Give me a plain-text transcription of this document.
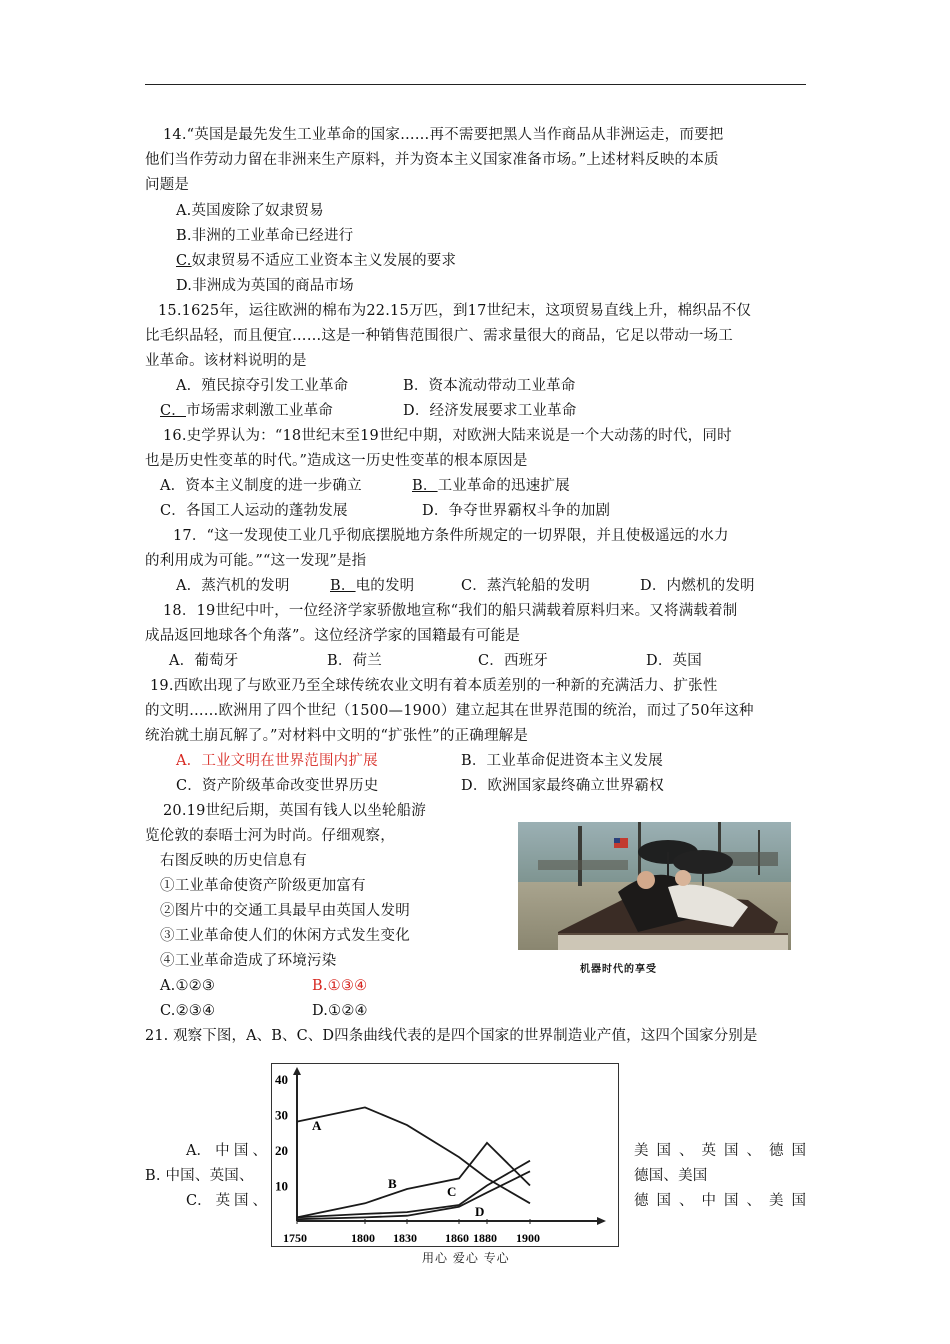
14.“英国是最先发生工业革命的国家……再不需要把黑人当作商品从非洲运走，而要把
他们当作劳动力留在非洲来生产原料，并为资本主义国家准备市场。”上述材料反映的本质
问题是
A.英国废除了奴隶贸易
B.非洲的工业革命已经进行
C.奴隶贸易不适应工业资本主义发展的要求
D.非洲成为英国的商品市场
15.1625年，运往欧洲的棉布为22.15万匹，到17世纪末，这项贸易直线上升，棉织品不仅
比毛织品轻，而且便宜……这是一种销售范围很广、需求量很大的商品，它足以带动一场工
业革命。该材料说明的是
A．殖民掠夺引发工业革命	B．资本流动带动工业革命
C．市场需求刺激工业革命	D．经济发展要求工业革命
16.史学界认为：“18世纪末至19世纪中期，对欧洲大陆来说是一个大动荡的时代，同时
也是历史性变革的时代。”造成这一历史性变革的根本原因是
A．资本主义制度的进一步确立	B．工业革命的迅速扩展
C．各国工人运动的蓬勃发展	D．争夺世界霸权斗争的加剧
17．“这一发现使工业几乎彻底摆脱地方条件所规定的一切界限，并且使极遥远的水力
的利用成为可能。”“这一发现”是指
A．蒸汽机的发明	B．电的发明	C．蒸汽轮船的发明	D．内燃机的发明
18．19世纪中叶，一位经济学家骄傲地宣称“我们的船只满载着原料归来。又将满载着制
成品返回地球各个角落”。这位经济学家的国籍最有可能是
A．葡萄牙	B．荷兰	C．西班牙	D．英国
19.西欧出现了与欧亚乃至全球传统农业文明有着本质差别的一种新的充满活力、扩张性
的文明……欧洲用了四个世纪（1500—1900）建立起其在世界范围的统治，而过了50年这种
统治就土崩瓦解了。”对材料中文明的“扩张性”的正确理解是
A．工业文明在世界范围内扩展	B．工业革命促进资本主义发展
C．资产阶级革命改变世界历史	D．欧洲国家最终确立世界霸权
20.19世纪后期，英国有钱人以坐轮船游
览伦敦的泰晤士河为时尚。仔细观察，
右图反映的历史信息有
①工业革命使资产阶级更加富有
②图片中的交通工具最早由英国人发明
③工业革命使人们的休闲方式发生变化
④工业革命造成了环境污染
A.①②③	B.①③④
C.②③④	D.①②④
机器时代的享受
21. 观察下图，A、B、C、D四条曲线代表的是四个国家的世界制造业产值，这四个国家分别是
A． 中 国 、	美 国 、 英 国 、 德 国
B. 中国、英国、	德国、美国
C． 英 国 、	德 国 、 中 国 、 美 国
40
30
20
10
1750	1800 1830 1860 1880 1900
A
B
C
D
用心 爱心 专心
